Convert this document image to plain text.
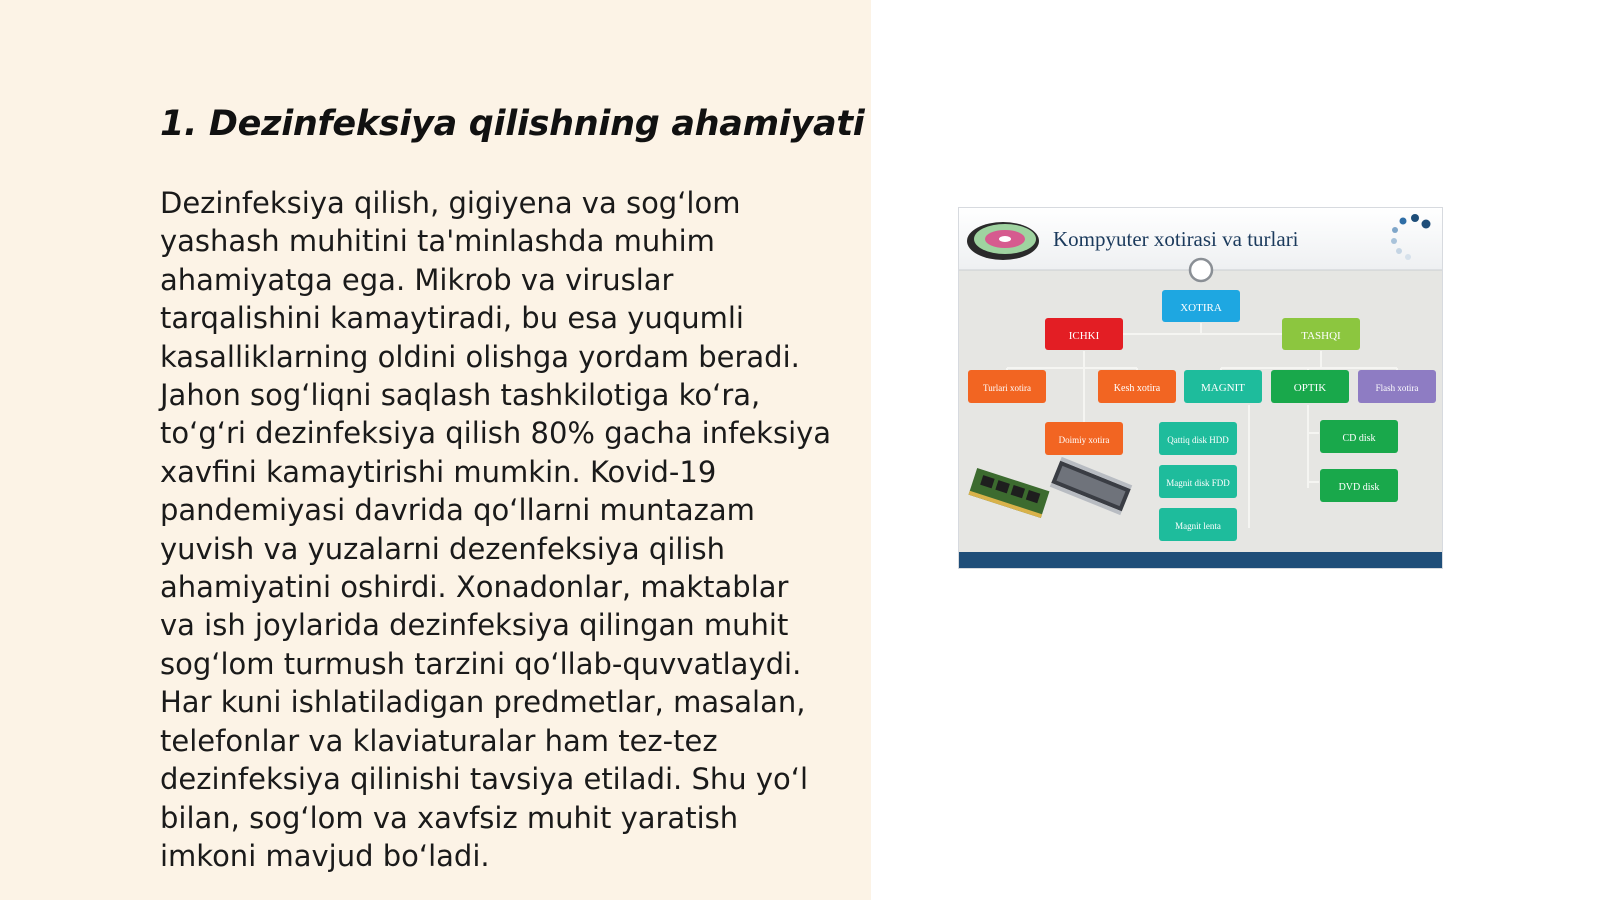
1. Dezinfeksiya qilishning ahamiyati

Dezinfeksiya qilish, gigiyena va sog‘lom
yashash muhitini ta'minlashda muhim
ahamiyatga ega. Mikrob va viruslar
tarqalishini kamaytiradi, bu esa yuqumli
kasalliklarning oldini olishga yordam beradi.
Jahon sog‘liqni saqlash tashkilotiga ko‘ra,
to‘g‘ri dezinfeksiya qilish 80% gacha infeksiya
xavfini kamaytirishi mumkin. Kovid-19
pandemiyasi davrida qo‘llarni muntazam
yuvish va yuzalarni dezenfeksiya qilish
ahamiyatini oshirdi. Xonadonlar, maktablar
va ish joylarida dezinfeksiya qilingan muhit
sog‘lom turmush tarzini qo‘llab-quvvatlaydi.
Har kuni ishlatiladigan predmetlar, masalan,
telefonlar va klaviaturalar ham tez-tez
dezinfeksiya qilinishi tavsiya etiladi. Shu yo‘l
bilan, sog‘lom va xavfsiz muhit yaratish
imkoni mavjud bo‘ladi.

Kompyuter xotirasi va turlari
XOTIRA
ICHKI	TASHQI
Turlari xotira	Kesh xotira	MAGNIT	OPTIK	Flash xotira
Doimiy xotira	Qattiq disk HDD
Magnit disk FDD
Magnit lenta
CD disk
DVD disk
